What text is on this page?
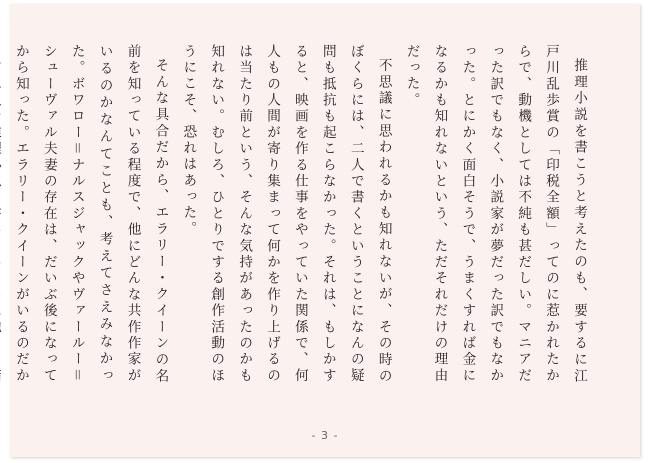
推理小説を書こうと考えたのも、要するに江戸川乱歩賞の「印税全額」ってのに惹かれたからで、動機としては不純も甚だしい。マニアだった訳でもなく、小説家が夢だった訳でもなかった。とにかく面白そうで、うまくすれば金になるかも知れないという、ただそれだけの理由だった。

不思議に思われるかも知れないが、その時のぼくらには、二人で書くということになんの疑問も抵抗も起こらなかった。それは、もしかすると、映画を作る仕事をやっていた関係で、何人もの人間が寄り集まって何かを作り上げるのは当たり前という、そんな気持があったのかも知れない。むしろ、ひとりでする創作活動のほうにこそ、恐れはあった。

そんな具合だから、エラリー・クイーンの名前を知っている程度で、他にどんな共作作家がいるのかなんてことも、考えてさえみなかった。ボワロー＝ナルスジャックやヴァールー＝シューヴァル夫妻の存在は、だいぶ後になってから知った。エラリー・クイーンがいるのだか

- 3 -
